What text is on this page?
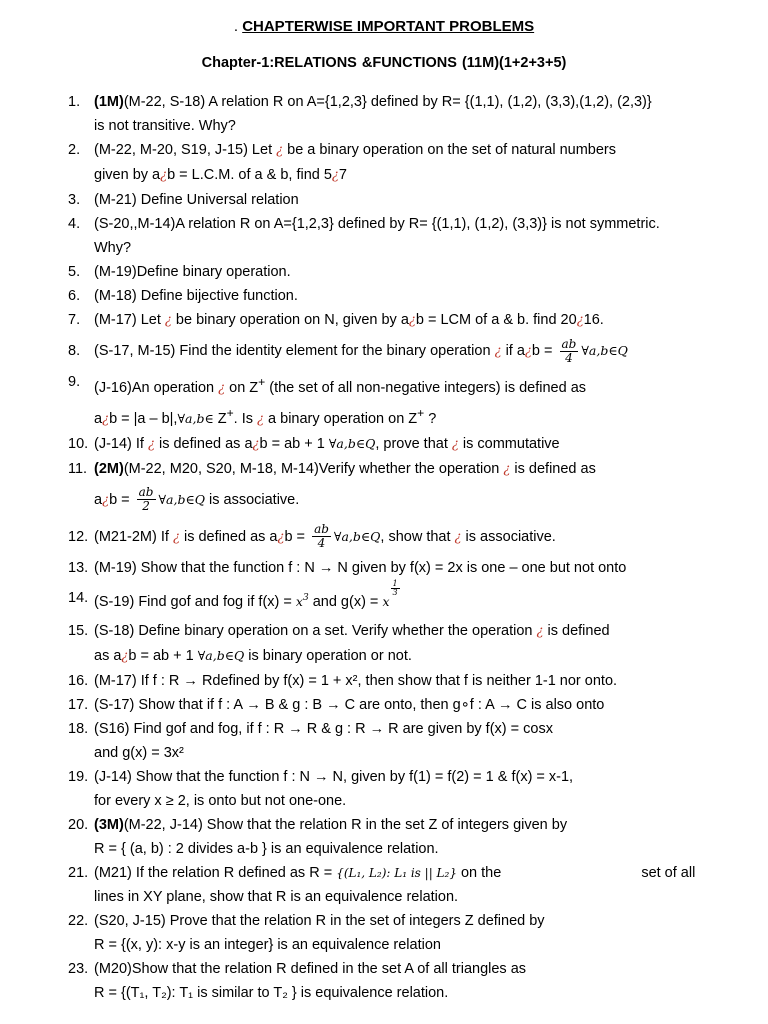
. CHAPTERWISE IMPORTANT PROBLEMS
Chapter-1:RELATIONS &FUNCTIONS (11M)(1+2+3+5)
1. (1M)(M-22, S-18) A relation R on A={1,2,3} defined by R= {(1,1), (1,2), (3,3),(1,2), (2,3)}
is not transitive. Why?
2. (M-22, M-20, S19, J-15) Let ¿ be a binary operation on the set of natural numbers
given by a¿b = L.C.M. of a & b, find 5¿7
3. (M-21) Define Universal relation
4. (S-20,,M-14)A relation R on A={1,2,3} defined by R= {(1,1), (1,2), (3,3)} is not symmetric.
Why?
5. (M-19)Define binary operation.
6. (M-18) Define bijective function.
7. (M-17) Let ¿ be binary operation on N, given by a¿b = LCM of a & b. find 20¿16.
8. (S-17, M-15) Find the identity element for the binary operation ¿ if a¿b = $\frac{ab}{4}$ ∀a,b∈Q
9. (J-16)An operation ¿ on Z+ (the set of all non-negative integers) is defined as
a¿b = |a – b|,∀a,b∈ Z+. Is ¿ a binary operation on Z+ ?
10. (J-14) If ¿ is defined as a¿b = ab + 1 ∀a,b∈Q, prove that ¿ is commutative
11. (2M)(M-22, M20, S20, M-18, M-14)Verify whether the operation ¿ is defined as
a¿b = $\frac{ab}{2}$ ∀a,b∈Q is associative.
12. (M21-2M) If ¿ is defined as a¿b = $\frac{ab}{4}$ ∀a,b∈Q, show that ¿ is associative.
13. (M-19) Show that the function f : N → N given by f(x) = 2x is one – one but not onto
14. (S-19) Find gof and fog if $f(x) = x^3$ and g(x) = x
$^{\frac{1}{3}}$
15. (S-18) Define binary operation on a set. Verify whether the operation ¿ is defined
as a¿b = ab + 1 ∀a,b∈Q is binary operation or not.
16. (M-17) If f : R → Rdefined by f(x) = 1 + x², then show that f is neither 1-1 nor onto.
17. (S-17) Show that if f : A → B & g : B → C are onto, then g∘f : A → C is also onto
18. (S16) Find gof and fog, if f : R → R & g : R → R are given by f(x) = cosx
and g(x) = 3x²
19. (J-14) Show that the function f : N → N, given by f(1) = f(2) = 1 & f(x) = x-1,
for every x ≥ 2, is onto but not one-one.
20. (3M)(M-22, J-14) Show that the relation R in the set Z of integers given by
R = { (a, b) : 2 divides a-b } is an equivalence relation.
21. (M21) If the relation R defined as R = {(L₁, L₂): L₁ is || L₂} on the	set of all
lines in XY plane, show that R is an equivalence relation.
22. (S20, J-15) Prove that the relation R in the set of integers Z defined by
R = {(x, y): x-y is an integer} is an equivalence relation
23. (M20)Show that the relation R defined in the set A of all triangles as
R = {(T₁, T₂): T₁ is similar to T₂ } is equivalence relation.
